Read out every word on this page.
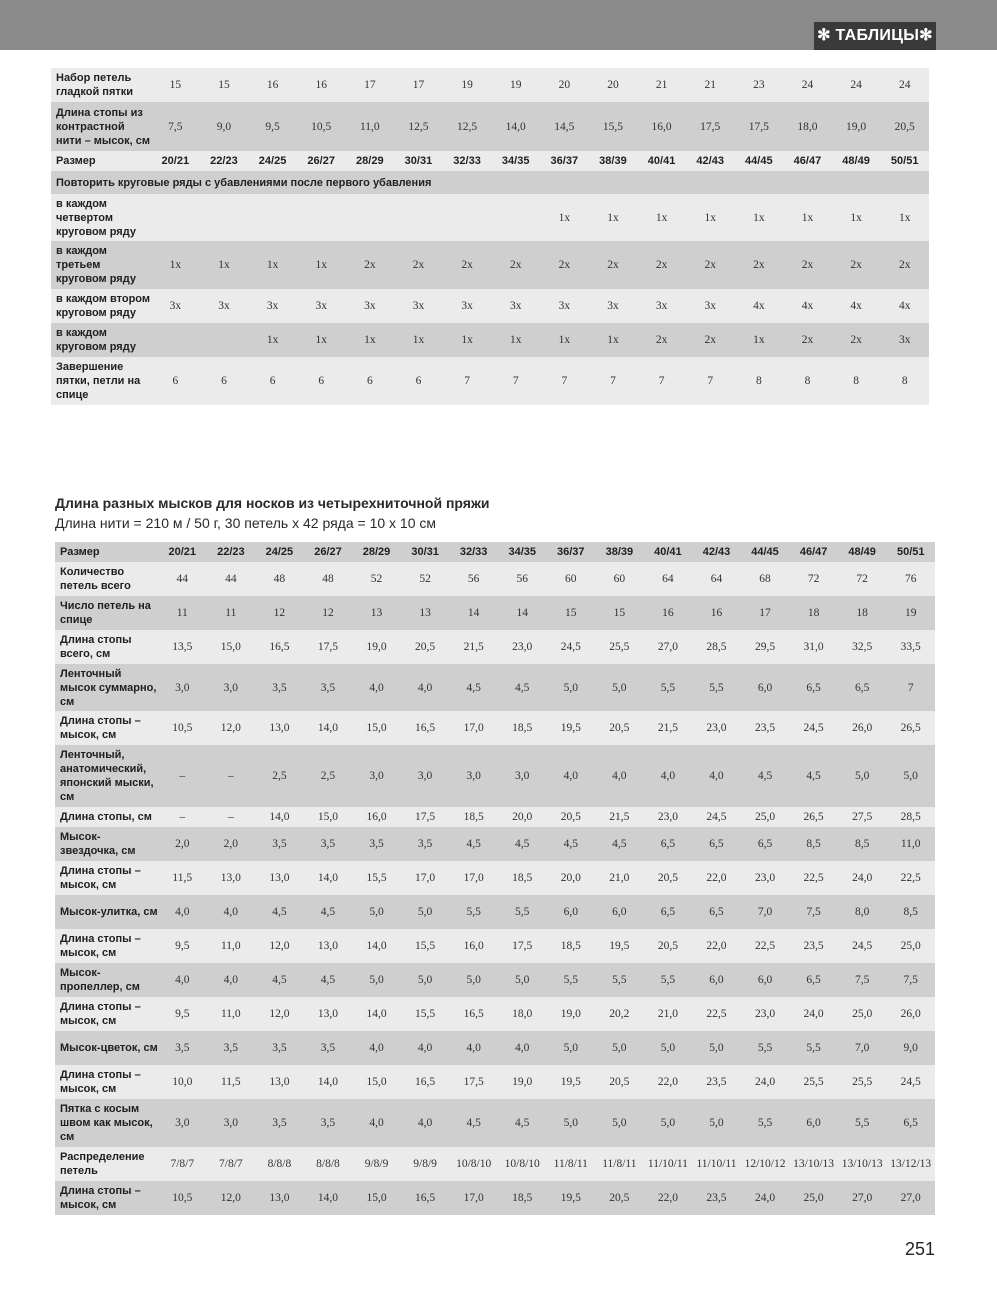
✻ ТАБЛИЦЫ✻
Набор петель гладкой пятки	15	15	16	16	17	17	19	19	20	20	21	21	23	24	24	24
Длина стопы из контрастной нити – мысок, см	7,5	9,0	9,5	10,5	11,0	12,5	12,5	14,0	14,5	15,5	16,0	17,5	17,5	18,0	19,0	20,5
Размер	20/21	22/23	24/25	26/27	28/29	30/31	32/33	34/35	36/37	38/39	40/41	42/43	44/45	46/47	48/49	50/51
Повторить круговые ряды с убавлениями после первого убавления																
в каждом четвертом круговом ряду									1x	1x	1x	1x	1x	1x	1x	1x
в каждом третьем круговом ряду	1x	1x	1x	1x	2x	2x	2x	2x	2x	2x	2x	2x	2x	2x	2x	2x
в каждом втором круговом ряду	3x	3x	3x	3x	3x	3x	3x	3x	3x	3x	3x	3x	4x	4x	4x	4x
в каждом круговом ряду			1x	1x	1x	1x	1x	1x	1x	1x	2x	2x	1x	2x	2x	3x
Завершение пятки, петли на спице	6	6	6	6	6	6	7	7	7	7	7	7	8	8	8	8
Длина разных мысков для носков из четырехниточной пряжи
Длина нити = 210 м / 50 г, 30 петель x 42 ряда = 10 x 10 см
Размер	20/21	22/23	24/25	26/27	28/29	30/31	32/33	34/35	36/37	38/39	40/41	42/43	44/45	46/47	48/49	50/51
Количество петель всего	44	44	48	48	52	52	56	56	60	60	64	64	68	72	72	76
Число петель на спице	11	11	12	12	13	13	14	14	15	15	16	16	17	18	18	19
Длина стопы всего, см	13,5	15,0	16,5	17,5	19,0	20,5	21,5	23,0	24,5	25,5	27,0	28,5	29,5	31,0	32,5	33,5
Ленточный мысок суммарно, см	3,0	3,0	3,5	3,5	4,0	4,0	4,5	4,5	5,0	5,0	5,5	5,5	6,0	6,5	6,5	7
Длина стопы – мысок, см	10,5	12,0	13,0	14,0	15,0	16,5	17,0	18,5	19,5	20,5	21,5	23,0	23,5	24,5	26,0	26,5
Ленточный, анатомический, японский мыски, см	–	–	2,5	2,5	3,0	3,0	3,0	3,0	4,0	4,0	4,0	4,0	4,5	4,5	5,0	5,0
Длина стопы, см	–	–	14,0	15,0	16,0	17,5	18,5	20,0	20,5	21,5	23,0	24,5	25,0	26,5	27,5	28,5
Мысок-звездочка, см	2,0	2,0	3,5	3,5	3,5	3,5	4,5	4,5	4,5	4,5	6,5	6,5	6,5	8,5	8,5	11,0
Длина стопы – мысок, см	11,5	13,0	13,0	14,0	15,5	17,0	17,0	18,5	20,0	21,0	20,5	22,0	23,0	22,5	24,0	22,5
Мысок-улитка, см	4,0	4,0	4,5	4,5	5,0	5,0	5,5	5,5	6,0	6,0	6,5	6,5	7,0	7,5	8,0	8,5
Длина стопы – мысок, см	9,5	11,0	12,0	13,0	14,0	15,5	16,0	17,5	18,5	19,5	20,5	22,0	22,5	23,5	24,5	25,0
Мысок-пропеллер, см	4,0	4,0	4,5	4,5	5,0	5,0	5,0	5,0	5,5	5,5	5,5	6,0	6,0	6,5	7,5	7,5
Длина стопы – мысок, см	9,5	11,0	12,0	13,0	14,0	15,5	16,5	18,0	19,0	20,2	21,0	22,5	23,0	24,0	25,0	26,0
Мысок-цветок, см	3,5	3,5	3,5	3,5	4,0	4,0	4,0	4,0	5,0	5,0	5,0	5,0	5,5	5,5	7,0	9,0
Длина стопы – мысок, см	10,0	11,5	13,0	14,0	15,0	16,5	17,5	19,0	19,5	20,5	22,0	23,5	24,0	25,5	25,5	24,5
Пятка с косым швом как мысок, см	3,0	3,0	3,5	3,5	4,0	4,0	4,5	4,5	5,0	5,0	5,0	5,0	5,5	6,0	5,5	6,5
Распределение петель	7/8/7	7/8/7	8/8/8	8/8/8	9/8/9	9/8/9	10/8/10	10/8/10	11/8/11	11/8/11	11/10/11	11/10/11	12/10/12	13/10/13	13/10/13	13/12/13
Длина стопы – мысок, см	10,5	12,0	13,0	14,0	15,0	16,5	17,0	18,5	19,5	20,5	22,0	23,5	24,0	25,0	27,0	27,0
251
